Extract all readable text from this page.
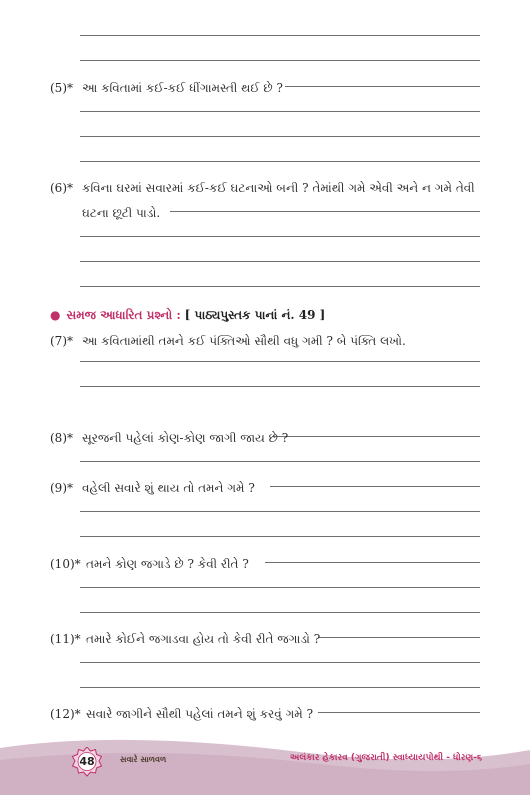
(5)* આ કવિતામાં કઈ-કઈ ધીંગામસ્તી થઈ છે ?
(6)* કવિના ઘરમાં સવારમાં કઈ-કઈ ઘટનાઓ બની ? તેમાંથી ગમે એવી અને ન ગમે તેવી
ઘટના છૂટી પાડો.
● સમજ આધારિત પ્રશ્નો : [ પાઠ્યપુસ્તક પાનાં નં. 49 ]
(7)* આ કવિતામાંથી તમને કઈ પંક્તિઓ સૌથી વધુ ગમી ? બે પંક્તિ લખો.
(8)* સૂરજની પહેલાં કોણ-કોણ જાગી જાય છે ?
(9)* વહેલી સવારે શું થાય તો તમને ગમે ?
(10)* તમને કોણ જગાડે છે ? કેવી રીતે ?
(11)* તમારે કોઈને જગાડવા હોય તો કેવી રીતે જગાડો ?
(12)* સવારે જાગીને સૌથી પહેલાં તમને શું કરવું ગમે ?
48	સવારે સાળવળ	અલંકાર હેકારવ (ગુજરાતી) સ્વાધ્યાયપોથી - ધોરણ-૬
